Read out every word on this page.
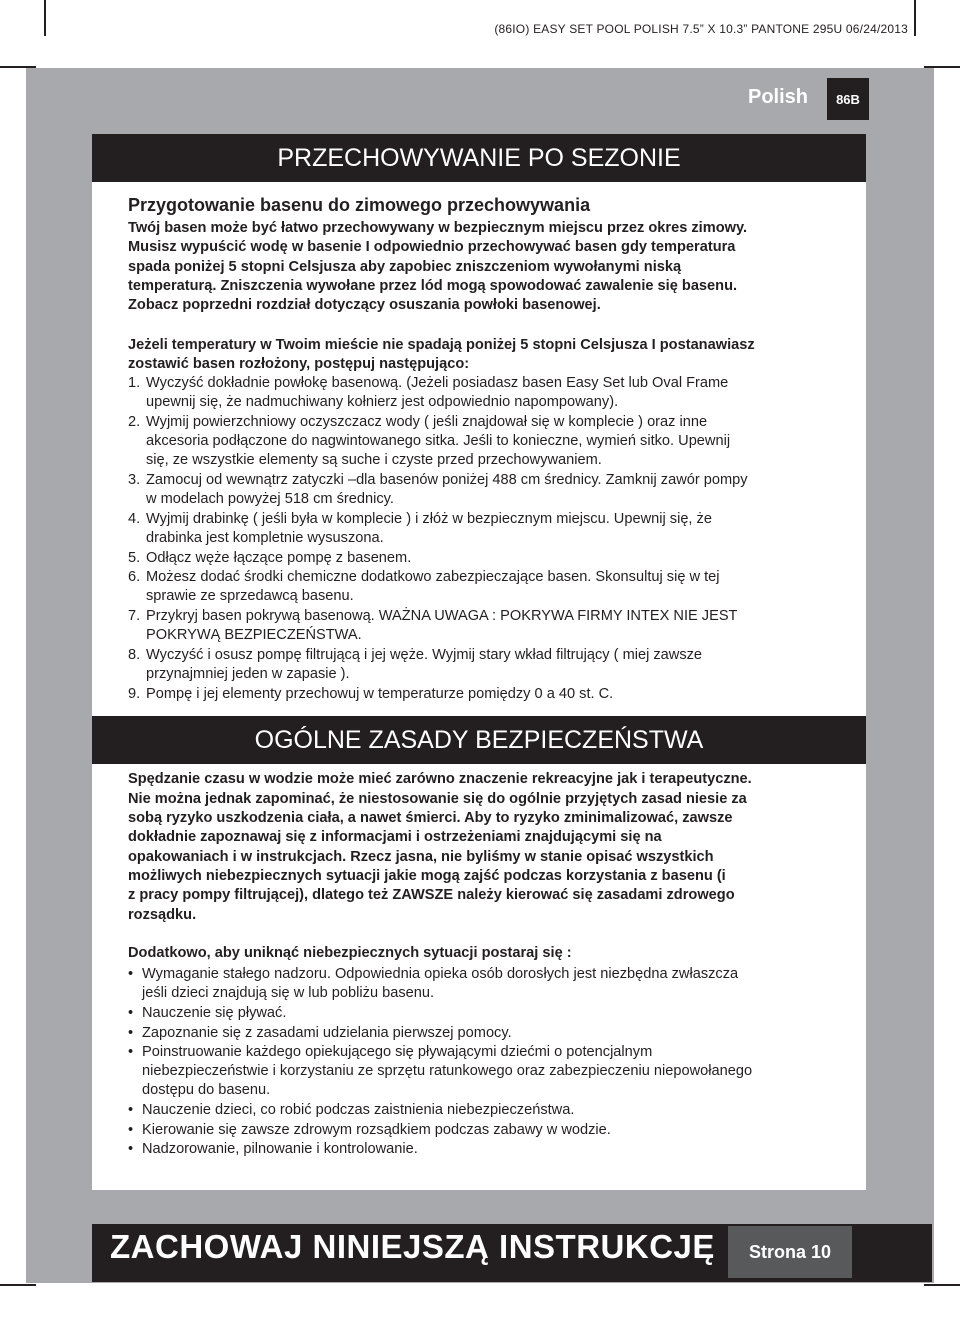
(86IO) EASY SET POOL POLISH 7.5” X 10.3” PANTONE 295U 06/24/2013
Polish	86B
PRZECHOWYWANIE PO SEZONIE
Przygotowanie basenu do zimowego przechowywania
Twój basen może być łatwo przechowywany w bezpiecznym miejscu przez okres zimowy.
Musisz wypuścić wodę w basenie I odpowiednio przechowywać basen gdy temperatura
spada poniżej 5 stopni Celsjusza aby zapobiec zniszczeniom wywołanymi niską
temperaturą. Zniszczenia wywołane przez lód mogą spowodować zawalenie się basenu.
Zobacz poprzedni rozdział dotyczący osuszania powłoki basenowej.
Jeżeli temperatury w Twoim mieście nie spadają poniżej 5 stopni Celsjusza I postanawiasz
zostawić basen rozłożony, postępuj następująco:
1. Wyczyść dokładnie powłokę basenową. (Jeżeli posiadasz basen Easy Set lub Oval Frame
upewnij się, że nadmuchiwany kołnierz jest odpowiednio napompowany).
2. Wyjmij powierzchniowy oczyszczacz wody ( jeśli znajdował się w komplecie ) oraz inne
akcesoria podłączone do nagwintowanego sitka. Jeśli to konieczne, wymień sitko. Upewnij
się, ze wszystkie elementy są suche i czyste przed przechowywaniem.
3. Zamocuj od wewnątrz zatyczki –dla basenów poniżej 488 cm średnicy. Zamknij zawór pompy
w modelach powyżej 518 cm średnicy.
4. Wyjmij drabinkę ( jeśli była w komplecie ) i złóż w bezpiecznym miejscu. Upewnij się, że
drabinka jest kompletnie wysuszona.
5. Odłącz węże łączące pompę z basenem.
6. Możesz dodać środki chemiczne dodatkowo zabezpieczające basen. Skonsultuj się w tej
sprawie ze sprzedawcą basenu.
7. Przykryj basen pokrywą basenową. WAŻNA UWAGA : POKRYWA FIRMY INTEX NIE JEST
POKRYWĄ BEZPIECZEŃSTWA.
8. Wyczyść i osusz pompę filtrującą i jej węże. Wyjmij stary wkład filtrujący ( miej zawsze
przynajmniej jeden w zapasie ).
9. Pompę i jej elementy przechowuj w temperaturze pomiędzy 0 a 40 st. C.
OGÓLNE ZASADY BEZPIECZEŃSTWA
Spędzanie czasu w wodzie może mieć zarówno znaczenie rekreacyjne jak i terapeutyczne.
Nie można jednak zapominać, że niestosowanie się do ogólnie przyjętych zasad niesie za
sobą ryzyko uszkodzenia ciała, a nawet śmierci. Aby to ryzyko zminimalizować, zawsze
dokładnie zapoznawaj się z informacjami i ostrzeżeniami znajdującymi się na
opakowaniach i w instrukcjach. Rzecz jasna, nie byliśmy w stanie opisać wszystkich
możliwych niebezpiecznych sytuacji jakie mogą zajść podczas korzystania z basenu (i
z pracy pompy filtrującej), dlatego też ZAWSZE należy kierować się zasadami zdrowego
rozsądku.
Dodatkowo, aby uniknąć niebezpiecznych sytuacji postaraj się :
• Wymaganie stałego nadzoru. Odpowiednia opieka osób dorosłych jest niezbędna zwłaszcza
jeśli dzieci znajdują się w lub pobliżu basenu.
• Nauczenie się pływać.
• Zapoznanie się z zasadami udzielania pierwszej pomocy.
• Poinstruowanie każdego opiekującego się pływającymi dziećmi o potencjalnym
niebezpieczeństwie i korzystaniu ze sprzętu ratunkowego oraz zabezpieczeniu niepowołanego
dostępu do basenu.
• Nauczenie dzieci, co robić podczas zaistnienia niebezpieczeństwa.
• Kierowanie się zawsze zdrowym rozsądkiem podczas zabawy w wodzie.
• Nadzorowanie, pilnowanie i kontrolowanie.
ZACHOWAJ NINIEJSZĄ INSTRUKCJĘ	Strona 10
